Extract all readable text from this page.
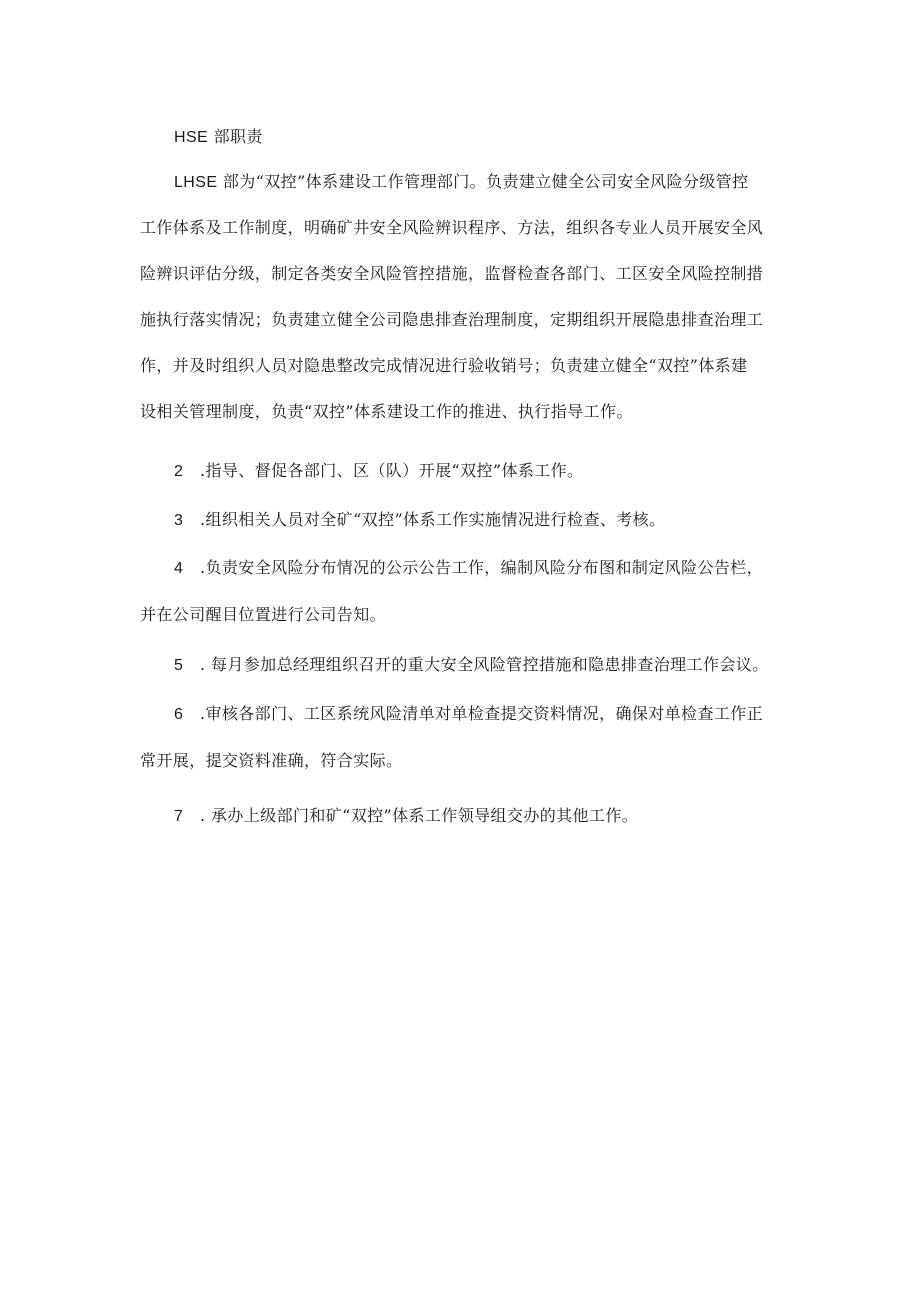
HSE 部职责
LHSE 部为“双控”体系建设工作管理部门。负责建立健全公司安全风险分级管控
工作体系及工作制度，明确矿井安全风险辨识程序、方法，组织各专业人员开展安全风
险辨识评估分级，制定各类安全风险管控措施，监督检查各部门、工区安全风险控制措
施执行落实情况；负责建立健全公司隐患排查治理制度，定期组织开展隐患排查治理工
作，并及时组织人员对隐患整改完成情况进行验收销号；负责建立健全“双控”体系建
设相关管理制度，负责“双控”体系建设工作的推进、执行指导工作。
2 .指导、督促各部门、区（队）开展“双控”体系工作。
3 .组织相关人员对全矿“双控”体系工作实施情况进行检查、考核。
4 .负责安全风险分布情况的公示公告工作，编制风险分布图和制定风险公告栏，
并在公司醒目位置进行公司告知。
5 . 每月参加总经理组织召开的重大安全风险管控措施和隐患排查治理工作会议。
6 .审核各部门、工区系统风险清单对单检查提交资料情况，确保对单检查工作正
常开展，提交资料准确，符合实际。
7 . 承办上级部门和矿“双控”体系工作领导组交办的其他工作。
